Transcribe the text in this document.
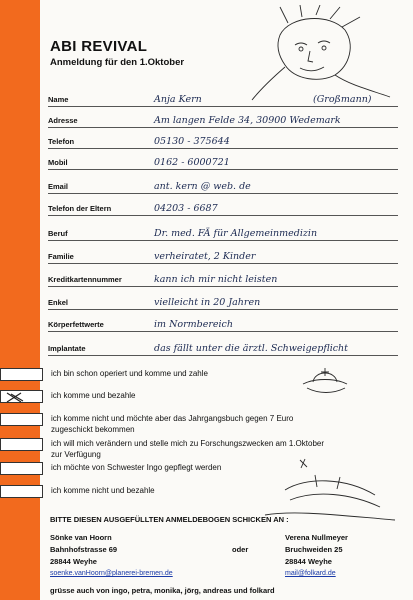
ABI REVIVAL
Anmeldung für den 1.Oktober
Name	Anja Kern	(Großmann)
Adresse	Am langen Felde 34, 30900 Wedemark
Telefon	05130 - 375644
Mobil	0162 - 6000721
Email	ant. kern @ web. de
Telefon der Eltern	04203 - 6687
Beruf	Dr. med. FÄ für Allgemeinmedizin
Familie	verheiratet, 2 Kinder
Kreditkartennummer	kann ich mir nicht leisten
Enkel	vielleicht in 20 Jahren
Körperfettwerte	im Normbereich
Implantate	das fällt unter die ärztl. Schweigepflicht
ich bin schon operiert und komme und zahle
ich komme und bezahle
ich komme nicht und möchte aber das Jahrgangsbuch gegen 7 Euro
zugeschickt bekommen
ich will mich verändern und stelle mich zu Forschungszwecken am 1.Oktober
zur Verfügung
ich möchte von Schwester Ingo gepflegt werden
ich komme nicht und bezahle
BITTE DIESEN AUSGEFÜLLTEN ANMELDEBOGEN SCHICKEN AN :
Sönke van Hoorn
Bahnhofstrasse 69
28844 Weyhe
soenke.vanHoorn@planerei-bremen.de
oder
Verena Nullmeyer
Bruchweiden 25
28844 Weyhe
mail@folkard.de
grüsse auch von ingo, petra, monika, jörg, andreas und folkard
